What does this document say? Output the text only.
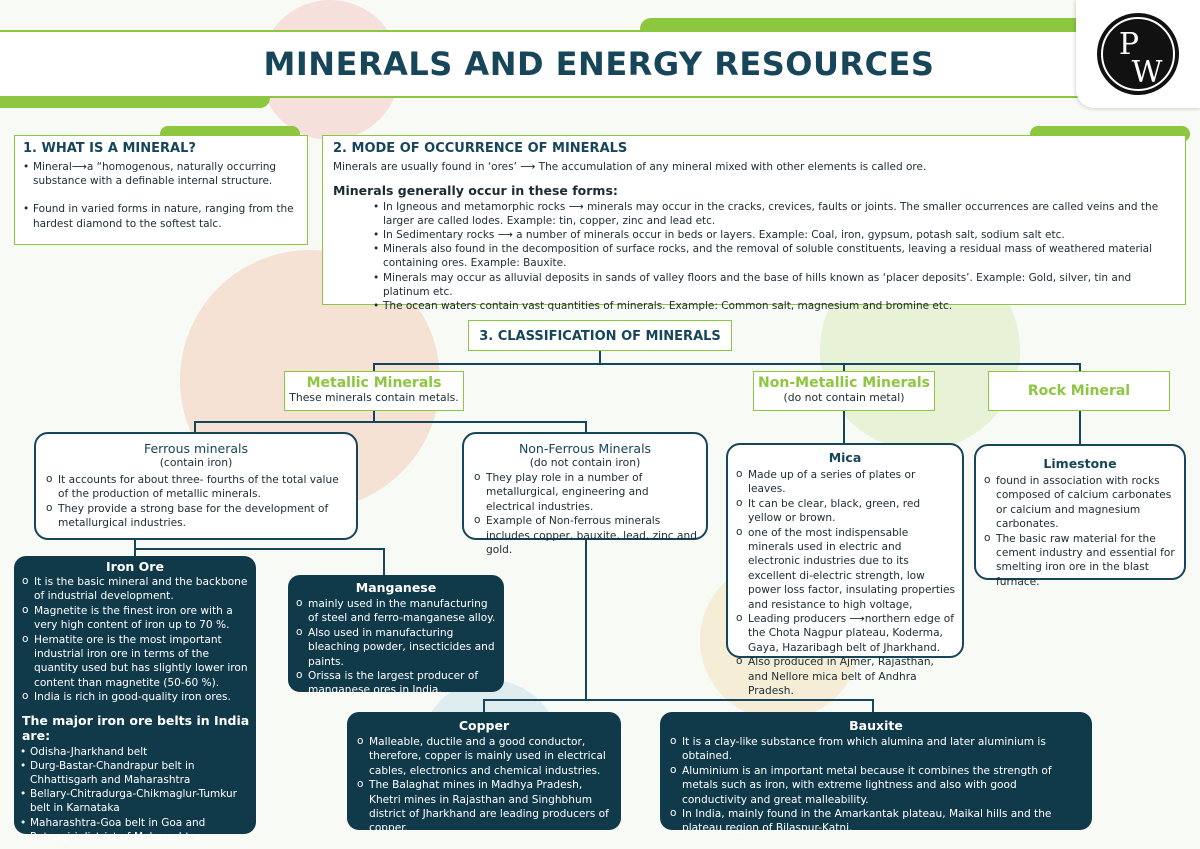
MINERALS AND ENERGY RESOURCES
P
W
1. WHAT IS A MINERAL?
• Mineral⟶a “homogenous, naturally occurring substance with a definable internal structure.
• Found in varied forms in nature, ranging from the hardest diamond to the softest talc.
2. MODE OF OCCURRENCE OF MINERALS
Minerals are usually found in ‘ores’ ⟶ The accumulation of any mineral mixed with other elements is called ore.
Minerals generally occur in these forms:
• In Igneous and metamorphic rocks ⟶ minerals may occur in the cracks, crevices, faults or joints. The smaller occurrences are called veins and the larger are called lodes. Example: tin, copper, zinc and lead etc.
• In Sedimentary rocks ⟶ a number of minerals occur in beds or layers. Example: Coal, iron, gypsum, potash salt, sodium salt etc.
• Minerals also found in the decomposition of surface rocks, and the removal of soluble constituents, leaving a residual mass of weathered material containing ores. Example: Bauxite.
• Minerals may occur as alluvial deposits in sands of valley floors and the base of hills known as ‘placer deposits’. Example: Gold, silver, tin and platinum etc.
• The ocean waters contain vast quantities of minerals. Example: Common salt, magnesium and bromine etc.
3. CLASSIFICATION OF MINERALS
Metallic Minerals
These minerals contain metals.
Non-Metallic Minerals
(do not contain metal)	Rock Mineral
Ferrous minerals
(contain iron)
o It accounts for about three- fourths of the total value of the production of metallic minerals.
o They provide a strong base for the development of metallurgical industries.
Non-Ferrous Minerals
(do not contain iron)
o They play role in a number of metallurgical, engineering and electrical industries.
o Example of Non-ferrous minerals includes copper, bauxite, lead, zinc and gold.
Mica
o Made up of a series of plates or leaves.
o It can be clear, black, green, red yellow or brown.
o one of the most indispensable minerals used in electric and electronic industries due to its excellent di-electric strength, low power loss factor, insulating properties and resistance to high voltage,
o Leading producers ⟶northern edge of the Chota Nagpur plateau, Koderma, Gaya, Hazaribagh belt of Jharkhand.
o Also produced in Ajmer, Rajasthan, and Nellore mica belt of Andhra Pradesh.
Limestone
o found in association with rocks composed of calcium carbonates or calcium and magnesium carbonates.
o The basic raw material for the cement industry and essential for smelting iron ore in the blast furnace.
Iron Ore
o It is the basic mineral and the backbone of industrial development.
o Magnetite is the finest iron ore with a very high content of iron up to 70 %.
o Hematite ore is the most important industrial iron ore in terms of the quantity used but has slightly lower iron content than magnetite (50-60 %).
o India is rich in good-quality iron ores.
The major iron ore belts in India are:
• Odisha-Jharkhand belt
• Durg-Bastar-Chandrapur belt in Chhattisgarh and Maharashtra
• Bellary-Chitradurga-Chikmaglur-Tumkur belt in Karnataka
• Maharashtra-Goa belt in Goa and Ratnagiri district of Maharashtra
Manganese
o mainly used in the manufacturing of steel and ferro-manganese alloy.
o Also used in manufacturing bleaching powder, insecticides and paints.
o Orissa is the largest producer of manganese ores in India.
Copper
o Malleable, ductile and a good conductor, therefore, copper is mainly used in electrical cables, electronics and chemical industries.
o The Balaghat mines in Madhya Pradesh, Khetri mines in Rajasthan and Singhbhum district of Jharkhand are leading producers of copper.
Bauxite
o It is a clay-like substance from which alumina and later aluminium is obtained.
o Aluminium is an important metal because it combines the strength of metals such as iron, with extreme lightness and also with good conductivity and great malleability.
o In India, mainly found in the Amarkantak plateau, Maikal hills and the plateau region of Bilaspur-Katni.
